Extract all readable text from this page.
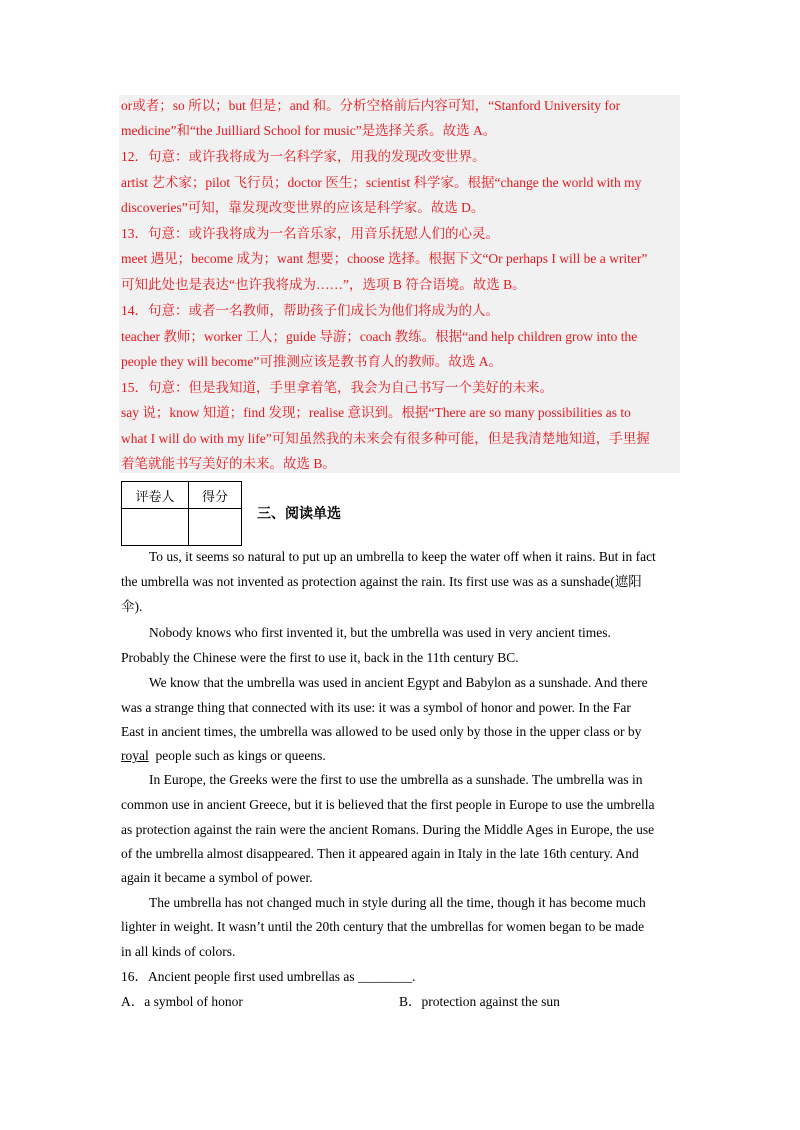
or或者；so 所以；but 但是；and 和。分析空格前后内容可知，“Stanford University for
medicine”和“the Juilliard School for music”是选择关系。故选 A。
12．句意：或许我将成为一名科学家，用我的发现改变世界。
artist 艺术家；pilot 飞行员；doctor 医生；scientist 科学家。根据“change the world with my
discoveries”可知，靠发现改变世界的应该是科学家。故选 D。
13．句意：或许我将成为一名音乐家，用音乐抚慰人们的心灵。
meet 遇见；become 成为；want 想要；choose 选择。根据下文“Or perhaps I will be a writer”
可知此处也是表达“也许我将成为……”，选项 B 符合语境。故选 B。
14．句意：或者一名教师，帮助孩子们成长为他们将成为的人。
teacher 教师；worker 工人；guide 导游；coach 教练。根据“and help children grow into the
people they will become”可推测应该是教书育人的教师。故选 A。
15．句意：但是我知道，手里拿着笔，我会为自己书写一个美好的未来。
say 说；know 知道；find 发现；realise 意识到。根据“There are so many possibilities as to
what I will do with my life”可知虽然我的未来会有很多种可能，但是我清楚地知道，手里握
着笔就能书写美好的未来。故选 B。
评卷人	得分

三、阅读单选
To us, it seems so natural to put up an umbrella to keep the water off when it rains. But in fact
the umbrella was not invented as protection against the rain. Its first use was as a sunshade(遮阳
伞).
Nobody knows who first invented it, but the umbrella was used in very ancient times.
Probably the Chinese were the first to use it, back in the 11th century BC.
We know that the umbrella was used in ancient Egypt and Babylon as a sunshade. And there
was a strange thing that connected with its use: it was a symbol of honor and power. In the Far
East in ancient times, the umbrella was allowed to be used only by those in the upper class or by
royal  people such as kings or queens.
In Europe, the Greeks were the first to use the umbrella as a sunshade. The umbrella was in
common use in ancient Greece, but it is believed that the first people in Europe to use the umbrella
as protection against the rain were the ancient Romans. During the Middle Ages in Europe, the use
of the umbrella almost disappeared. Then it appeared again in Italy in the late 16th century. And
again it became a symbol of power.
The umbrella has not changed much in style during all the time, though it has become much
lighter in weight. It wasn’t until the 20th century that the umbrellas for women began to be made
in all kinds of colors.
16．Ancient people first used umbrellas as ________.
A．a symbol of honor	B．protection against the sun
